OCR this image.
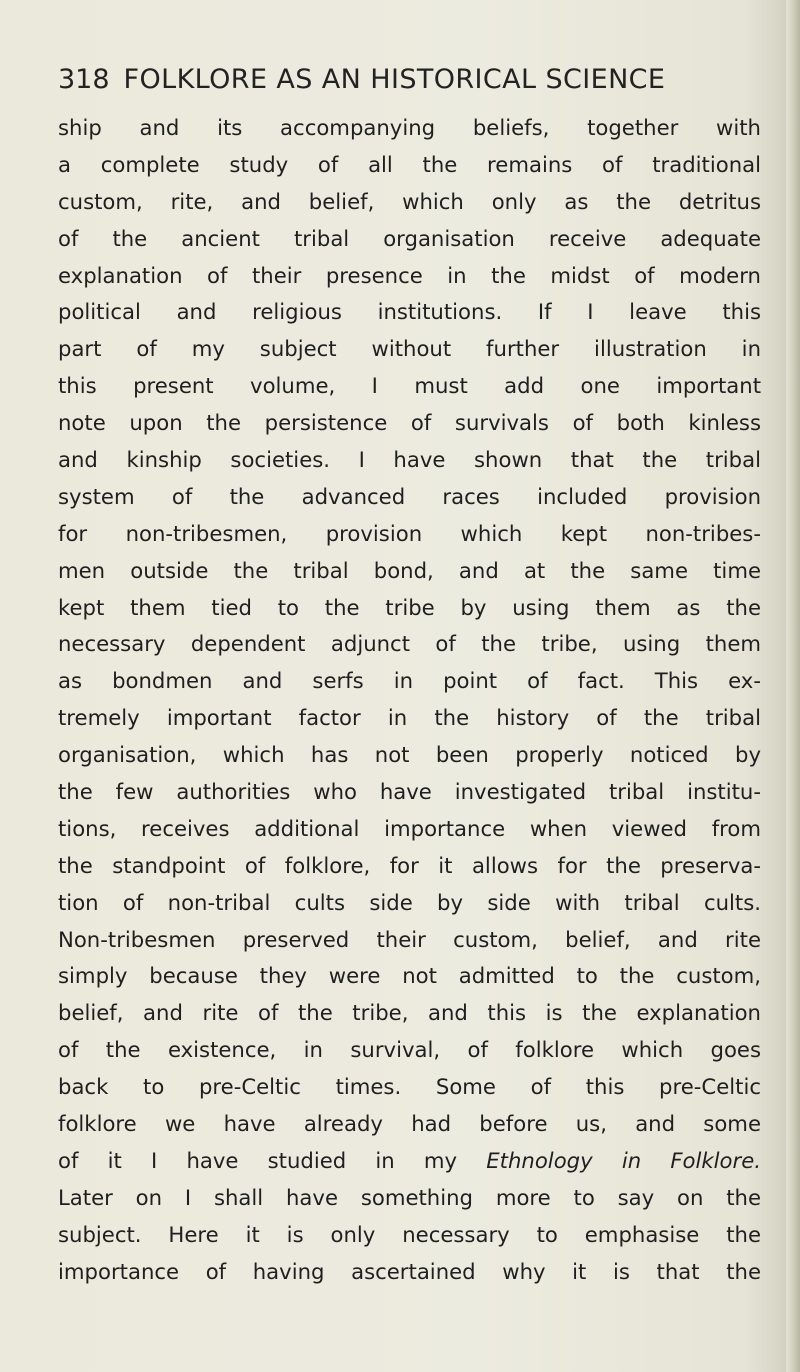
318 FOLKLORE AS AN HISTORICAL SCIENCE
ship and its accompanying beliefs, together with
a complete study of all the remains of traditional
custom, rite, and belief, which only as the detritus
of the ancient tribal organisation receive adequate
explanation of their presence in the midst of modern
political and religious institutions. If I leave this
part of my subject without further illustration in
this present volume, I must add one important
note upon the persistence of survivals of both kinless
and kinship societies. I have shown that the tribal
system of the advanced races included provision
for non-tribesmen, provision which kept non-tribes-
men outside the tribal bond, and at the same time
kept them tied to the tribe by using them as the
necessary dependent adjunct of the tribe, using them
as bondmen and serfs in point of fact. This ex-
tremely important factor in the history of the tribal
organisation, which has not been properly noticed by
the few authorities who have investigated tribal institu-
tions, receives additional importance when viewed from
the standpoint of folklore, for it allows for the preserva-
tion of non-tribal cults side by side with tribal cults.
Non-tribesmen preserved their custom, belief, and rite
simply because they were not admitted to the custom,
belief, and rite of the tribe, and this is the explanation
of the existence, in survival, of folklore which goes
back to pre-Celtic times. Some of this pre-Celtic
folklore we have already had before us, and some
of it I have studied in my Ethnology in Folklore.
Later on I shall have something more to say on the
subject. Here it is only necessary to emphasise the
importance of having ascertained why it is that the
